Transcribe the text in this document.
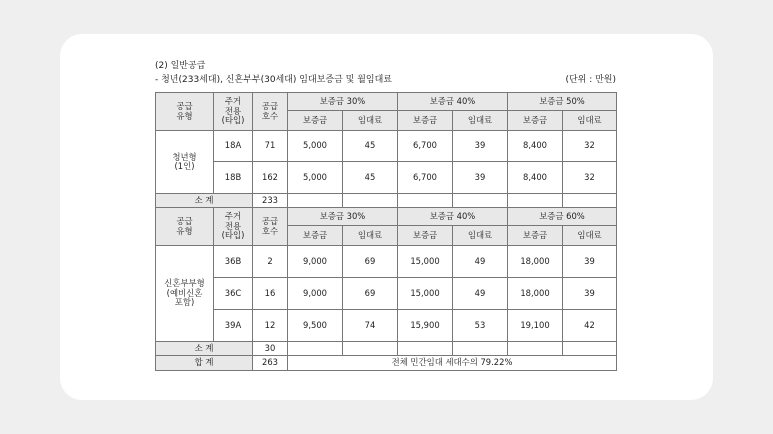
(2) 일반공급
- 청년(233세대), 신혼부부(30세대) 임대보증금 및 월임대료	(단위 : 만원)
공급
유형	주거
전용
(타입)	공급
호수	보증금 30%		보증금 40%		보증금 50%	
			보증금	임대료	보증금	임대료	보증금	임대료
청년형
(1인)	18A	71	5,000	45	6,700	39	8,400	32
	18B	162	5,000	45	6,700	39	8,400	32
소 계		233						
공급
유형	주거
전용
(타입)	공급
호수	보증금 30%		보증금 40%		보증금 60%	
			보증금	임대료	보증금	임대료	보증금	임대료
신혼부부형
(예비신혼
포함)	36B	2	9,000	69	15,000	49	18,000	39
	36C	16	9,000	69	15,000	49	18,000	39
	39A	12	9,500	74	15,900	53	19,100	42
소 계		30						
합 계		263	전체 민간임대 세대수의 79.22%					
